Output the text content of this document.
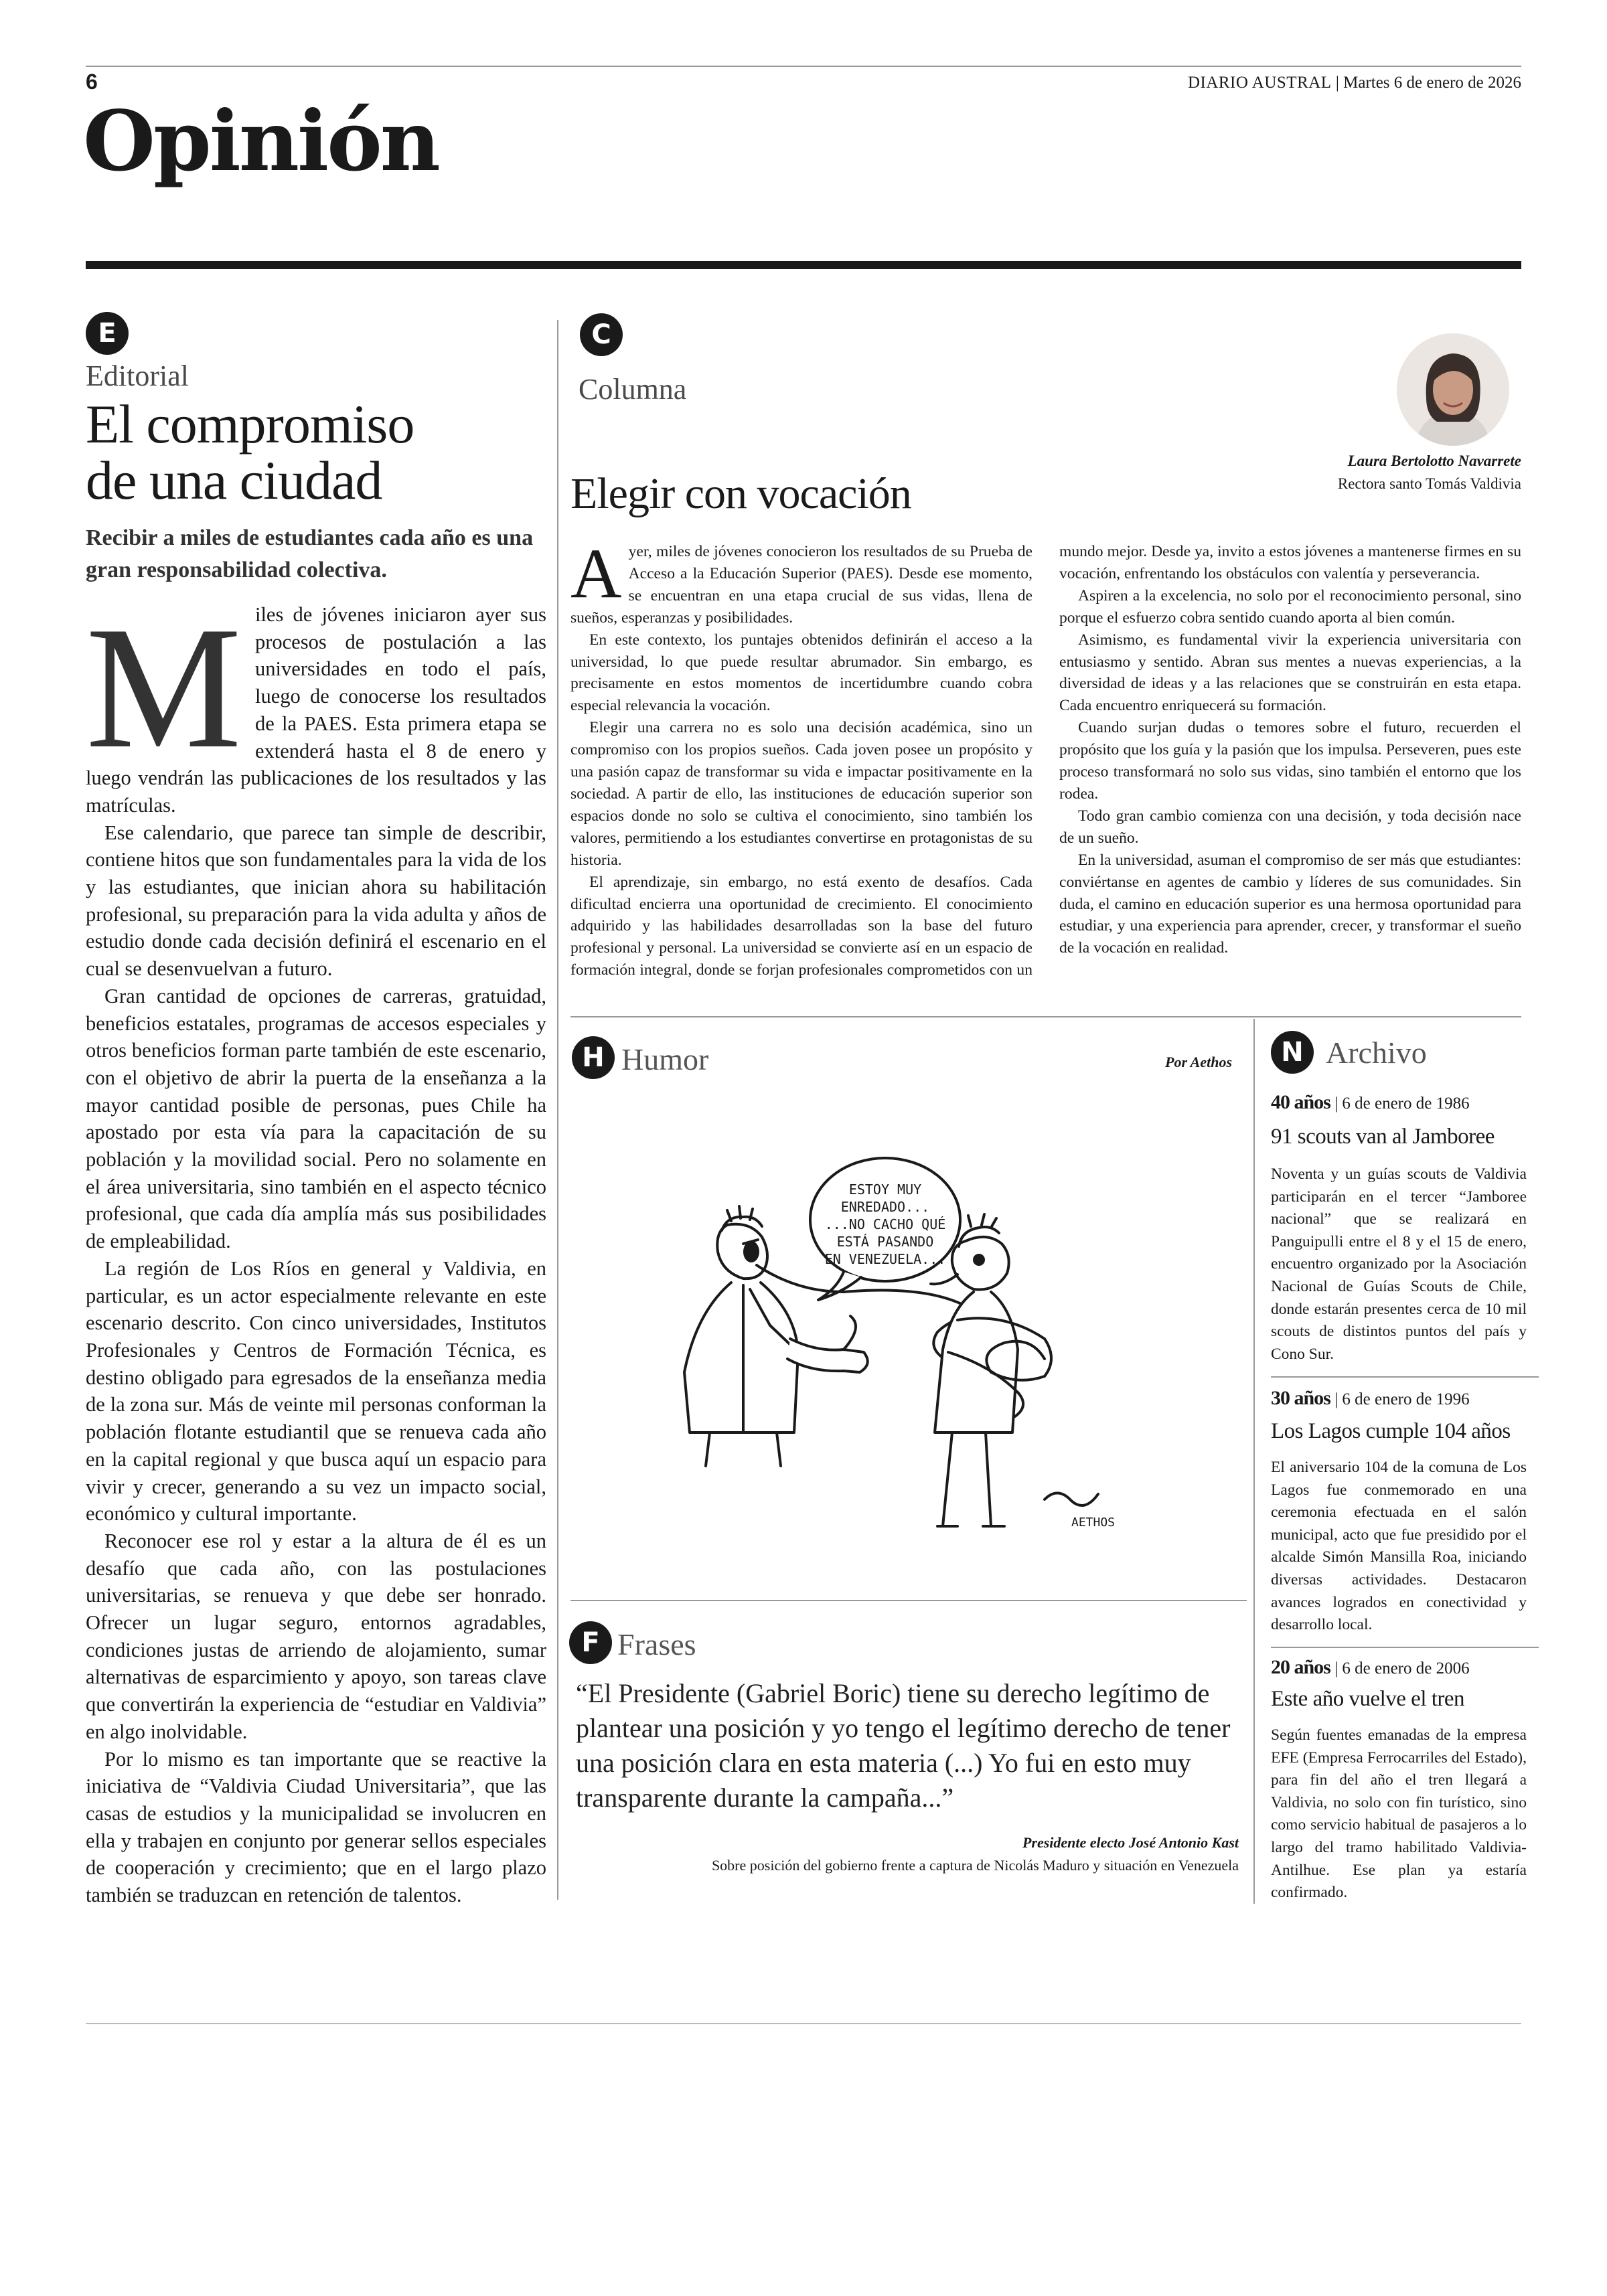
6	DIARIO AUSTRAL | Martes 6 de enero de 2026
Opinión
E
Editorial
El compromiso
de una ciudad
Recibir a miles de estudiantes cada año es una gran responsabilidad colectiva.
M iles de jóvenes iniciaron ayer sus procesos de postulación a las universidades en todo el país, luego de conocerse los resultados de la PAES. Esta primera etapa se extenderá hasta el 8 de enero y luego vendrán las publicaciones de los resultados y las matrículas.

Ese calendario, que parece tan simple de describir, contiene hitos que son fundamentales para la vida de los y las estudiantes, que inician ahora su habilitación profesional, su preparación para la vida adulta y años de estudio donde cada decisión definirá el escenario en el cual se desenvuelvan a futuro.

Gran cantidad de opciones de carreras, gratuidad, beneficios estatales, programas de accesos especiales y otros beneficios forman parte también de este escenario, con el objetivo de abrir la puerta de la enseñanza a la mayor cantidad posible de personas, pues Chile ha apostado por esta vía para la capacitación de su población y la movilidad social. Pero no solamente en el área universitaria, sino también en el aspecto técnico profesional, que cada día amplía más sus posibilidades de empleabilidad.

La región de Los Ríos en general y Valdivia, en particular, es un actor especialmente relevante en este escenario descrito. Con cinco universidades, Institutos Profesionales y Centros de Formación Técnica, es destino obligado para egresados de la enseñanza media de la zona sur. Más de veinte mil personas conforman la población flotante estudiantil que se renueva cada año en la capital regional y que busca aquí un espacio para vivir y crecer, generando a su vez un impacto social, económico y cultural importante.

Reconocer ese rol y estar a la altura de él es un desafío que cada año, con las postulaciones universitarias, se renueva y que debe ser honrado. Ofrecer un lugar seguro, entornos agradables, condiciones justas de arriendo de alojamiento, sumar alternativas de esparcimiento y apoyo, son tareas clave que convertirán la experiencia de “estudiar en Valdivia” en algo inolvidable.

Por lo mismo es tan importante que se reactive la iniciativa de “Valdivia Ciudad Universitaria”, que las casas de estudios y la municipalidad se involucren en ella y trabajen en conjunto por generar sellos especiales de cooperación y crecimiento; que en el largo plazo también se traduzcan en retención de talentos.

C
Columna
Elegir con vocación
Laura Bertolotto Navarrete
Rectora santo Tomás Valdivia
A yer, miles de jóvenes conocieron los resultados de su Prueba de Acceso a la Educación Superior (PAES). Desde ese momento, se encuentran en una etapa crucial de sus vidas, llena de sueños, esperanzas y posibilidades.

En este contexto, los puntajes obtenidos definirán el acceso a la universidad, lo que puede resultar abrumador. Sin embargo, es precisamente en estos momentos de incertidumbre cuando cobra especial relevancia la vocación.

Elegir una carrera no es solo una decisión académica, sino un compromiso con los propios sueños. Cada joven posee un propósito y una pasión capaz de transformar su vida e impactar positivamente en la sociedad. A partir de ello, las instituciones de educación superior son espacios donde no solo se cultiva el conocimiento, sino también los valores, permitiendo a los estudiantes convertirse en protagonistas de su historia.

El aprendizaje, sin embargo, no está exento de desafíos. Cada dificultad encierra una oportunidad de crecimiento. El conocimiento adquirido y las habilidades desarrolladas son la base del futuro profesional y personal. La universidad se convierte así en un espacio de formación integral, donde se forjan profesionales comprometidos con un mundo mejor. Desde ya, invito a estos jóvenes a mantenerse firmes en su vocación, enfrentando los obstáculos con valentía y perseverancia.

Aspiren a la excelencia, no solo por el reconocimiento personal, sino porque el esfuerzo cobra sentido cuando aporta al bien común.

Asimismo, es fundamental vivir la experiencia universitaria con entusiasmo y sentido. Abran sus mentes a nuevas experiencias, a la diversidad de ideas y a las relaciones que se construirán en esta etapa. Cada encuentro enriquecerá su formación.

Cuando surjan dudas o temores sobre el futuro, recuerden el propósito que los guía y la pasión que los impulsa. Perseveren, pues este proceso transformará no solo sus vidas, sino también el entorno que los rodea.

Todo gran cambio comienza con una decisión, y toda decisión nace de un sueño.

En la universidad, asuman el compromiso de ser más que estudiantes: conviértanse en agentes de cambio y líderes de sus comunidades. Sin duda, el camino en educación superior es una hermosa oportunidad para estudiar, y una experiencia para aprender, crecer, y transformar el sueño de la vocación en realidad.

H Humor	Por Aethos
ESTOY MUY
ENREDADO...
...NO CACHO QUÉ
ESTÁ PASANDO
EN VENEZUELA...
AETHOS
F Frases
“El Presidente (Gabriel Boric) tiene su derecho legítimo de plantear una posición y yo tengo el legítimo derecho de tener una posición clara en esta materia (...) Yo fui en esto muy transparente durante la campaña...”
Presidente electo José Antonio Kast
Sobre posición del gobierno frente a captura de Nicolás Maduro y situación en Venezuela
N Archivo
40 años | 6 de enero de 1986
91 scouts van al Jamboree
Noventa y un guías scouts de Valdivia participarán en el tercer “Jamboree nacional” que se realizará en Panguipulli entre el 8 y el 15 de enero, encuentro organizado por la Asociación Nacional de Guías Scouts de Chile, donde estarán presentes cerca de 10 mil scouts de distintos puntos del país y Cono Sur.
30 años | 6 de enero de 1996
Los Lagos cumple 104 años
El aniversario 104 de la comuna de Los Lagos fue conmemorado en una ceremonia efectuada en el salón municipal, acto que fue presidido por el alcalde Simón Mansilla Roa, iniciando diversas actividades. Destacaron avances logrados en conectividad y desarrollo local.
20 años | 6 de enero de 2006
Este año vuelve el tren
Según fuentes emanadas de la empresa EFE (Empresa Ferrocarriles del Estado), para fin del año el tren llegará a Valdivia, no solo con fin turístico, sino como servicio habitual de pasajeros a lo largo del tramo habilitado Valdivia-Antilhue. Ese plan ya estaría confirmado.
